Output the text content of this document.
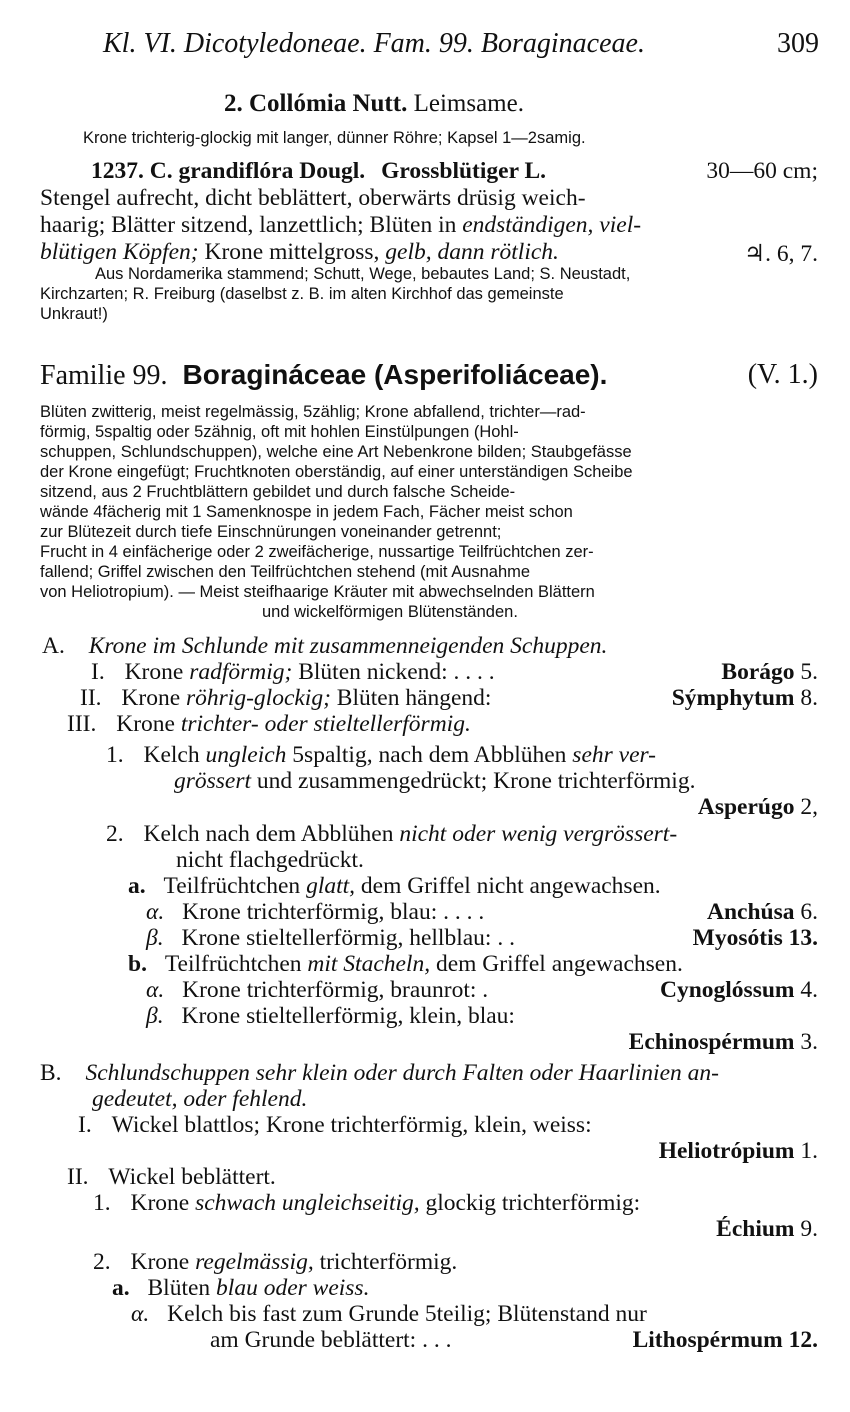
Kl. VI. Dicotyledoneae. Fam. 99. Boraginaceae.	309
2. Collómia Nutt. Leimsame.
Krone trichterig-glockig mit langer, dünner Röhre; Kapsel 1—2samig.
1237. C. grandiflóra Dougl. Grossblütiger L.	30—60 cm;
Stengel aufrecht, dicht beblättert, oberwärts drüsig weich-
haarig; Blätter sitzend, lanzettlich; Blüten in endständigen, viel-
blütigen Köpfen; Krone mittelgross, gelb, dann rötlich.	♃. 6, 7.
Aus Nordamerika stammend; Schutt, Wege, bebautes Land; S. Neustadt,
Kirchzarten; R. Freiburg (daselbst z. B. im alten Kirchhof das gemeinste
Unkraut!)
Familie 99. Boragináceae (Asperifoliáceae).	(V. 1.)
Blüten zwitterig, meist regelmässig, 5zählig; Krone abfallend, trichter—rad-
förmig, 5spaltig oder 5zähnig, oft mit hohlen Einstülpungen (Hohl-
schuppen, Schlundschuppen), welche eine Art Nebenkrone bilden; Staubgefässe
der Krone eingefügt; Fruchtknoten oberständig, auf einer unterständigen Scheibe
sitzend, aus 2 Fruchtblättern gebildet und durch falsche Scheide-
wände 4fächerig mit 1 Samenknospe in jedem Fach, Fächer meist schon
zur Blütezeit durch tiefe Einschnürungen voneinander getrennt;
Frucht in 4 einfächerige oder 2 zweifächerige, nussartige Teilfrüchtchen zer-
fallend; Griffel zwischen den Teilfrüchtchen stehend (mit Ausnahme
von Heliotropium). — Meist steifhaarige Kräuter mit abwechselnden Blättern
und wickelförmigen Blütenständen.
A. Krone im Schlunde mit zusammenneigenden Schuppen.
I. Krone radförmig; Blüten nickend: . . . .	Borágo 5.
II. Krone röhrig-glockig; Blüten hängend:	Sýmphytum 8.
III. Krone trichter- oder stieltellerförmig.
1. Kelch ungleich 5spaltig, nach dem Abblühen sehr ver-
grössert und zusammengedrückt; Krone trichterförmig.
Asperúgo 2,
2. Kelch nach dem Abblühen nicht oder wenig vergrössert-
nicht flachgedrückt.
a. Teilfrüchtchen glatt, dem Griffel nicht angewachsen.
α. Krone trichterförmig, blau: . . . .	Anchúsa 6.
β. Krone stieltellerförmig, hellblau: . .	Myosótis 13.
b. Teilfrüchtchen mit Stacheln, dem Griffel angewachsen.
α. Krone trichterförmig, braunrot: .	Cynoglóssum 4.
β. Krone stieltellerförmig, klein, blau:
Echinospérmum 3.
B. Schlundschuppen sehr klein oder durch Falten oder Haarlinien an-
gedeutet, oder fehlend.
I. Wickel blattlos; Krone trichterförmig, klein, weiss:
Heliotrópium 1.
II. Wickel beblättert.
1. Krone schwach ungleichseitig, glockig trichterförmig:
Échium 9.
2. Krone regelmässig, trichterförmig.
a. Blüten blau oder weiss.
α. Kelch bis fast zum Grunde 5teilig; Blütenstand nur
am Grunde beblättert: . . .	Lithospérmum 12.
